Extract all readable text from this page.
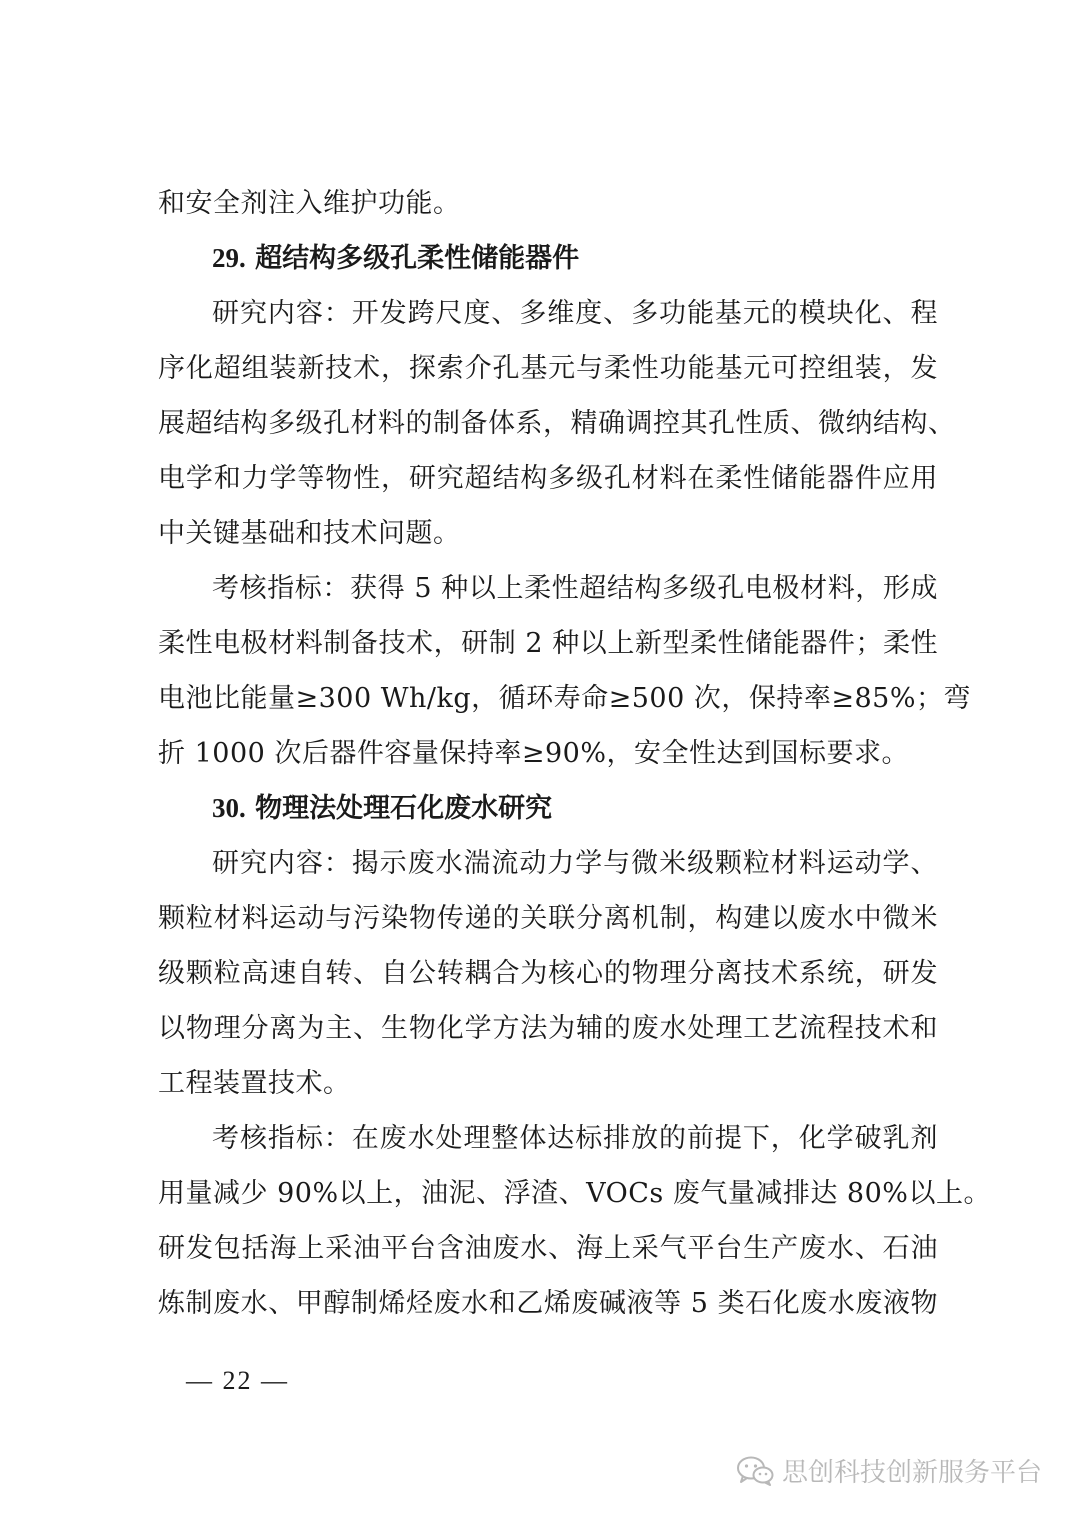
和安全剂注入维护功能。
29. 超结构多级孔柔性储能器件
研究内容：开发跨尺度、多维度、多功能基元的模块化、程
序化超组装新技术，探索介孔基元与柔性功能基元可控组装，发
展超结构多级孔材料的制备体系，精确调控其孔性质、微纳结构、
电学和力学等物性，研究超结构多级孔材料在柔性储能器件应用
中关键基础和技术问题。
考核指标：获得 5 种以上柔性超结构多级孔电极材料，形成
柔性电极材料制备技术，研制 2 种以上新型柔性储能器件；柔性
电池比能量≥300 Wh/kg，循环寿命≥500 次，保持率≥85%；弯
折 1000 次后器件容量保持率≥90%，安全性达到国标要求。
30. 物理法处理石化废水研究
研究内容：揭示废水湍流动力学与微米级颗粒材料运动学、
颗粒材料运动与污染物传递的关联分离机制，构建以废水中微米
级颗粒高速自转、自公转耦合为核心的物理分离技术系统，研发
以物理分离为主、生物化学方法为辅的废水处理工艺流程技术和
工程装置技术。
考核指标：在废水处理整体达标排放的前提下，化学破乳剂
用量减少 90%以上，油泥、浮渣、VOCs 废气量减排达 80%以上。
研发包括海上采油平台含油废水、海上采气平台生产废水、石油
炼制废水、甲醇制烯烃废水和乙烯废碱液等 5 类石化废水废液物
— 22 —
思创科技创新服务平台
